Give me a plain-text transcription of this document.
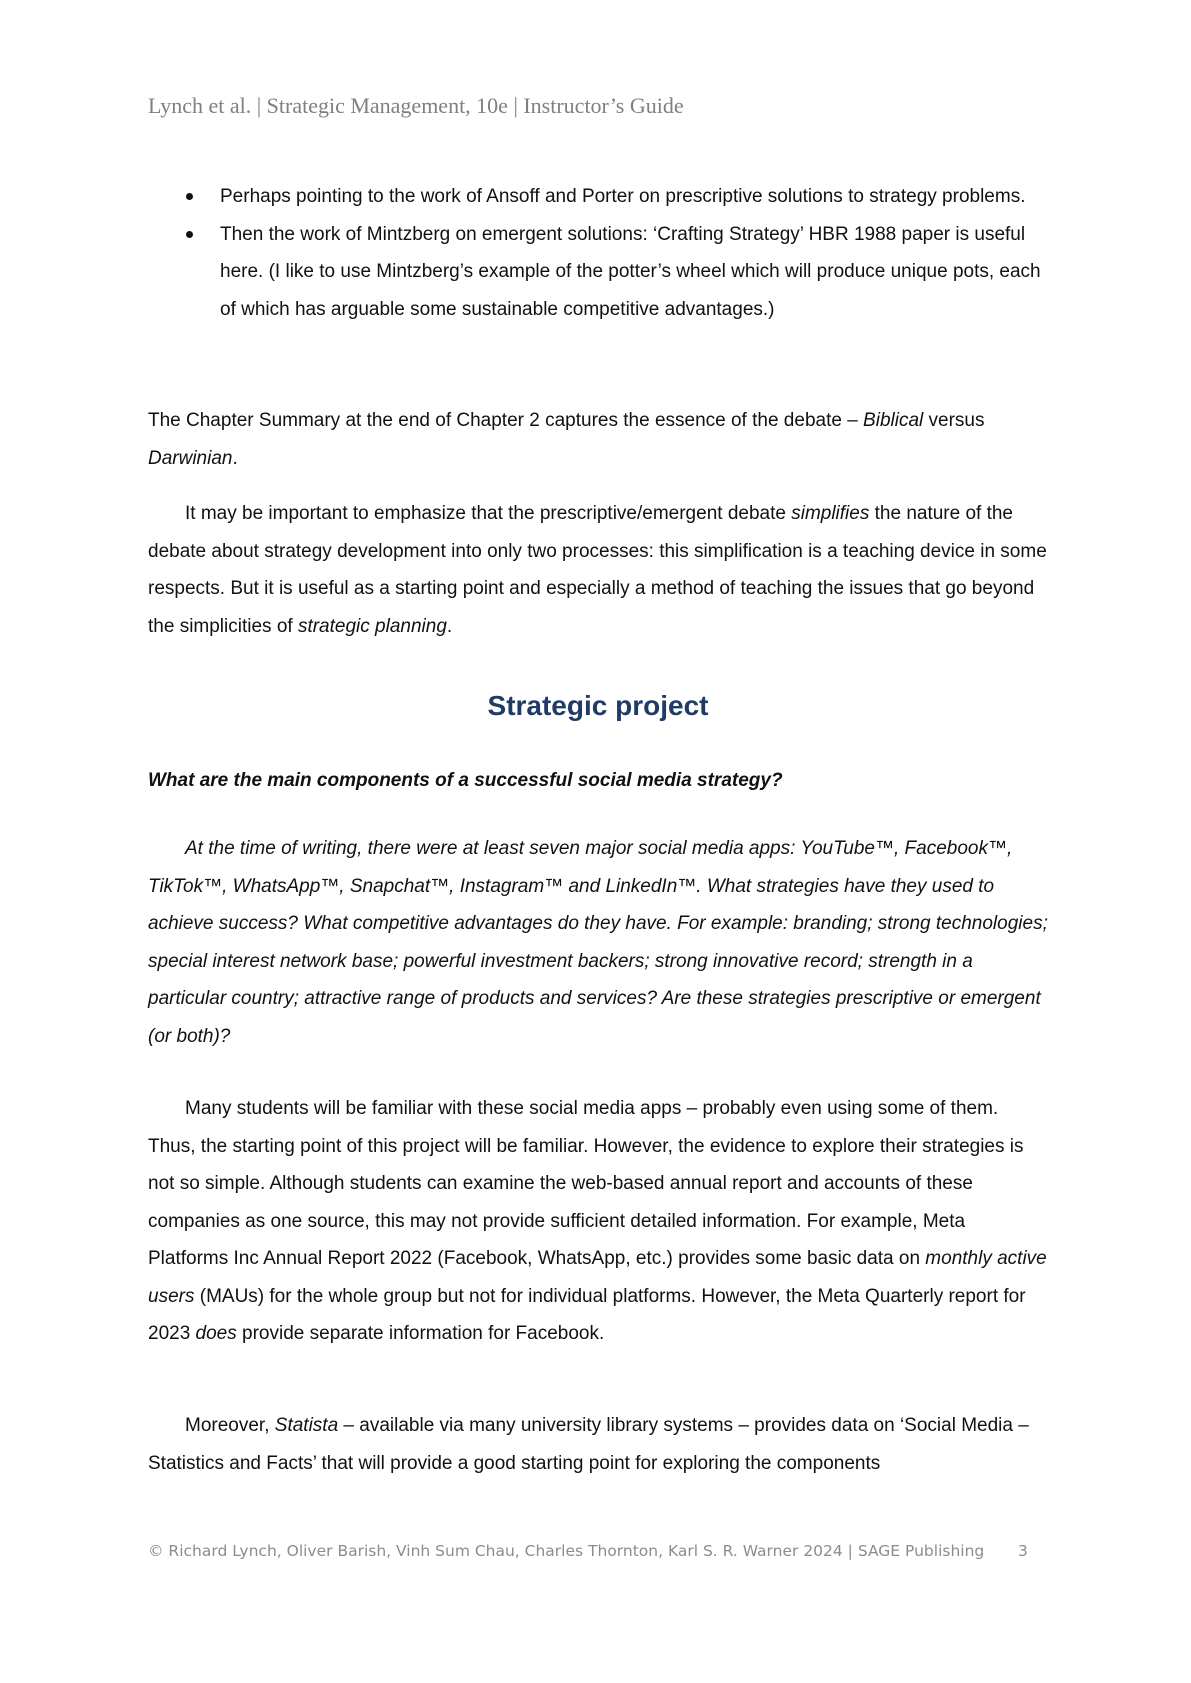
Lynch et al. | Strategic Management, 10e | Instructor’s Guide
Perhaps pointing to the work of Ansoff and Porter on prescriptive solutions to strategy problems.
Then the work of Mintzberg on emergent solutions: ‘Crafting Strategy’ HBR 1988 paper is useful here. (I like to use Mintzberg’s example of the potter’s wheel which will produce unique pots, each of which has arguable some sustainable competitive advantages.)

The Chapter Summary at the end of Chapter 2 captures the essence of the debate – Biblical versus Darwinian.

It may be important to emphasize that the prescriptive/emergent debate simplifies the nature of the debate about strategy development into only two processes: this simplification is a teaching device in some respects. But it is useful as a starting point and especially a method of teaching the issues that go beyond the simplicities of strategic planning.

Strategic project
What are the main components of a successful social media strategy?

At the time of writing, there were at least seven major social media apps: YouTube™, Facebook™, TikTok™, WhatsApp™, Snapchat™, Instagram™ and LinkedIn™. What strategies have they used to achieve success? What competitive advantages do they have. For example: branding; strong technologies; special interest network base; powerful investment backers; strong innovative record; strength in a particular country; attractive range of products and services? Are these strategies prescriptive or emergent (or both)?

Many students will be familiar with these social media apps – probably even using some of them. Thus, the starting point of this project will be familiar. However, the evidence to explore their strategies is not so simple. Although students can examine the web-based annual report and accounts of these companies as one source, this may not provide sufficient detailed information. For example, Meta Platforms Inc Annual Report 2022 (Facebook, WhatsApp, etc.) provides some basic data on monthly active users (MAUs) for the whole group but not for individual platforms. However, the Meta Quarterly report for 2023 does provide separate information for Facebook.

Moreover, Statista – available via many university library systems – provides data on ‘Social Media – Statistics and Facts’ that will provide a good starting point for exploring the components

© Richard Lynch, Oliver Barish, Vinh Sum Chau, Charles Thornton, Karl S. R. Warner 2024 | SAGE Publishing 3
